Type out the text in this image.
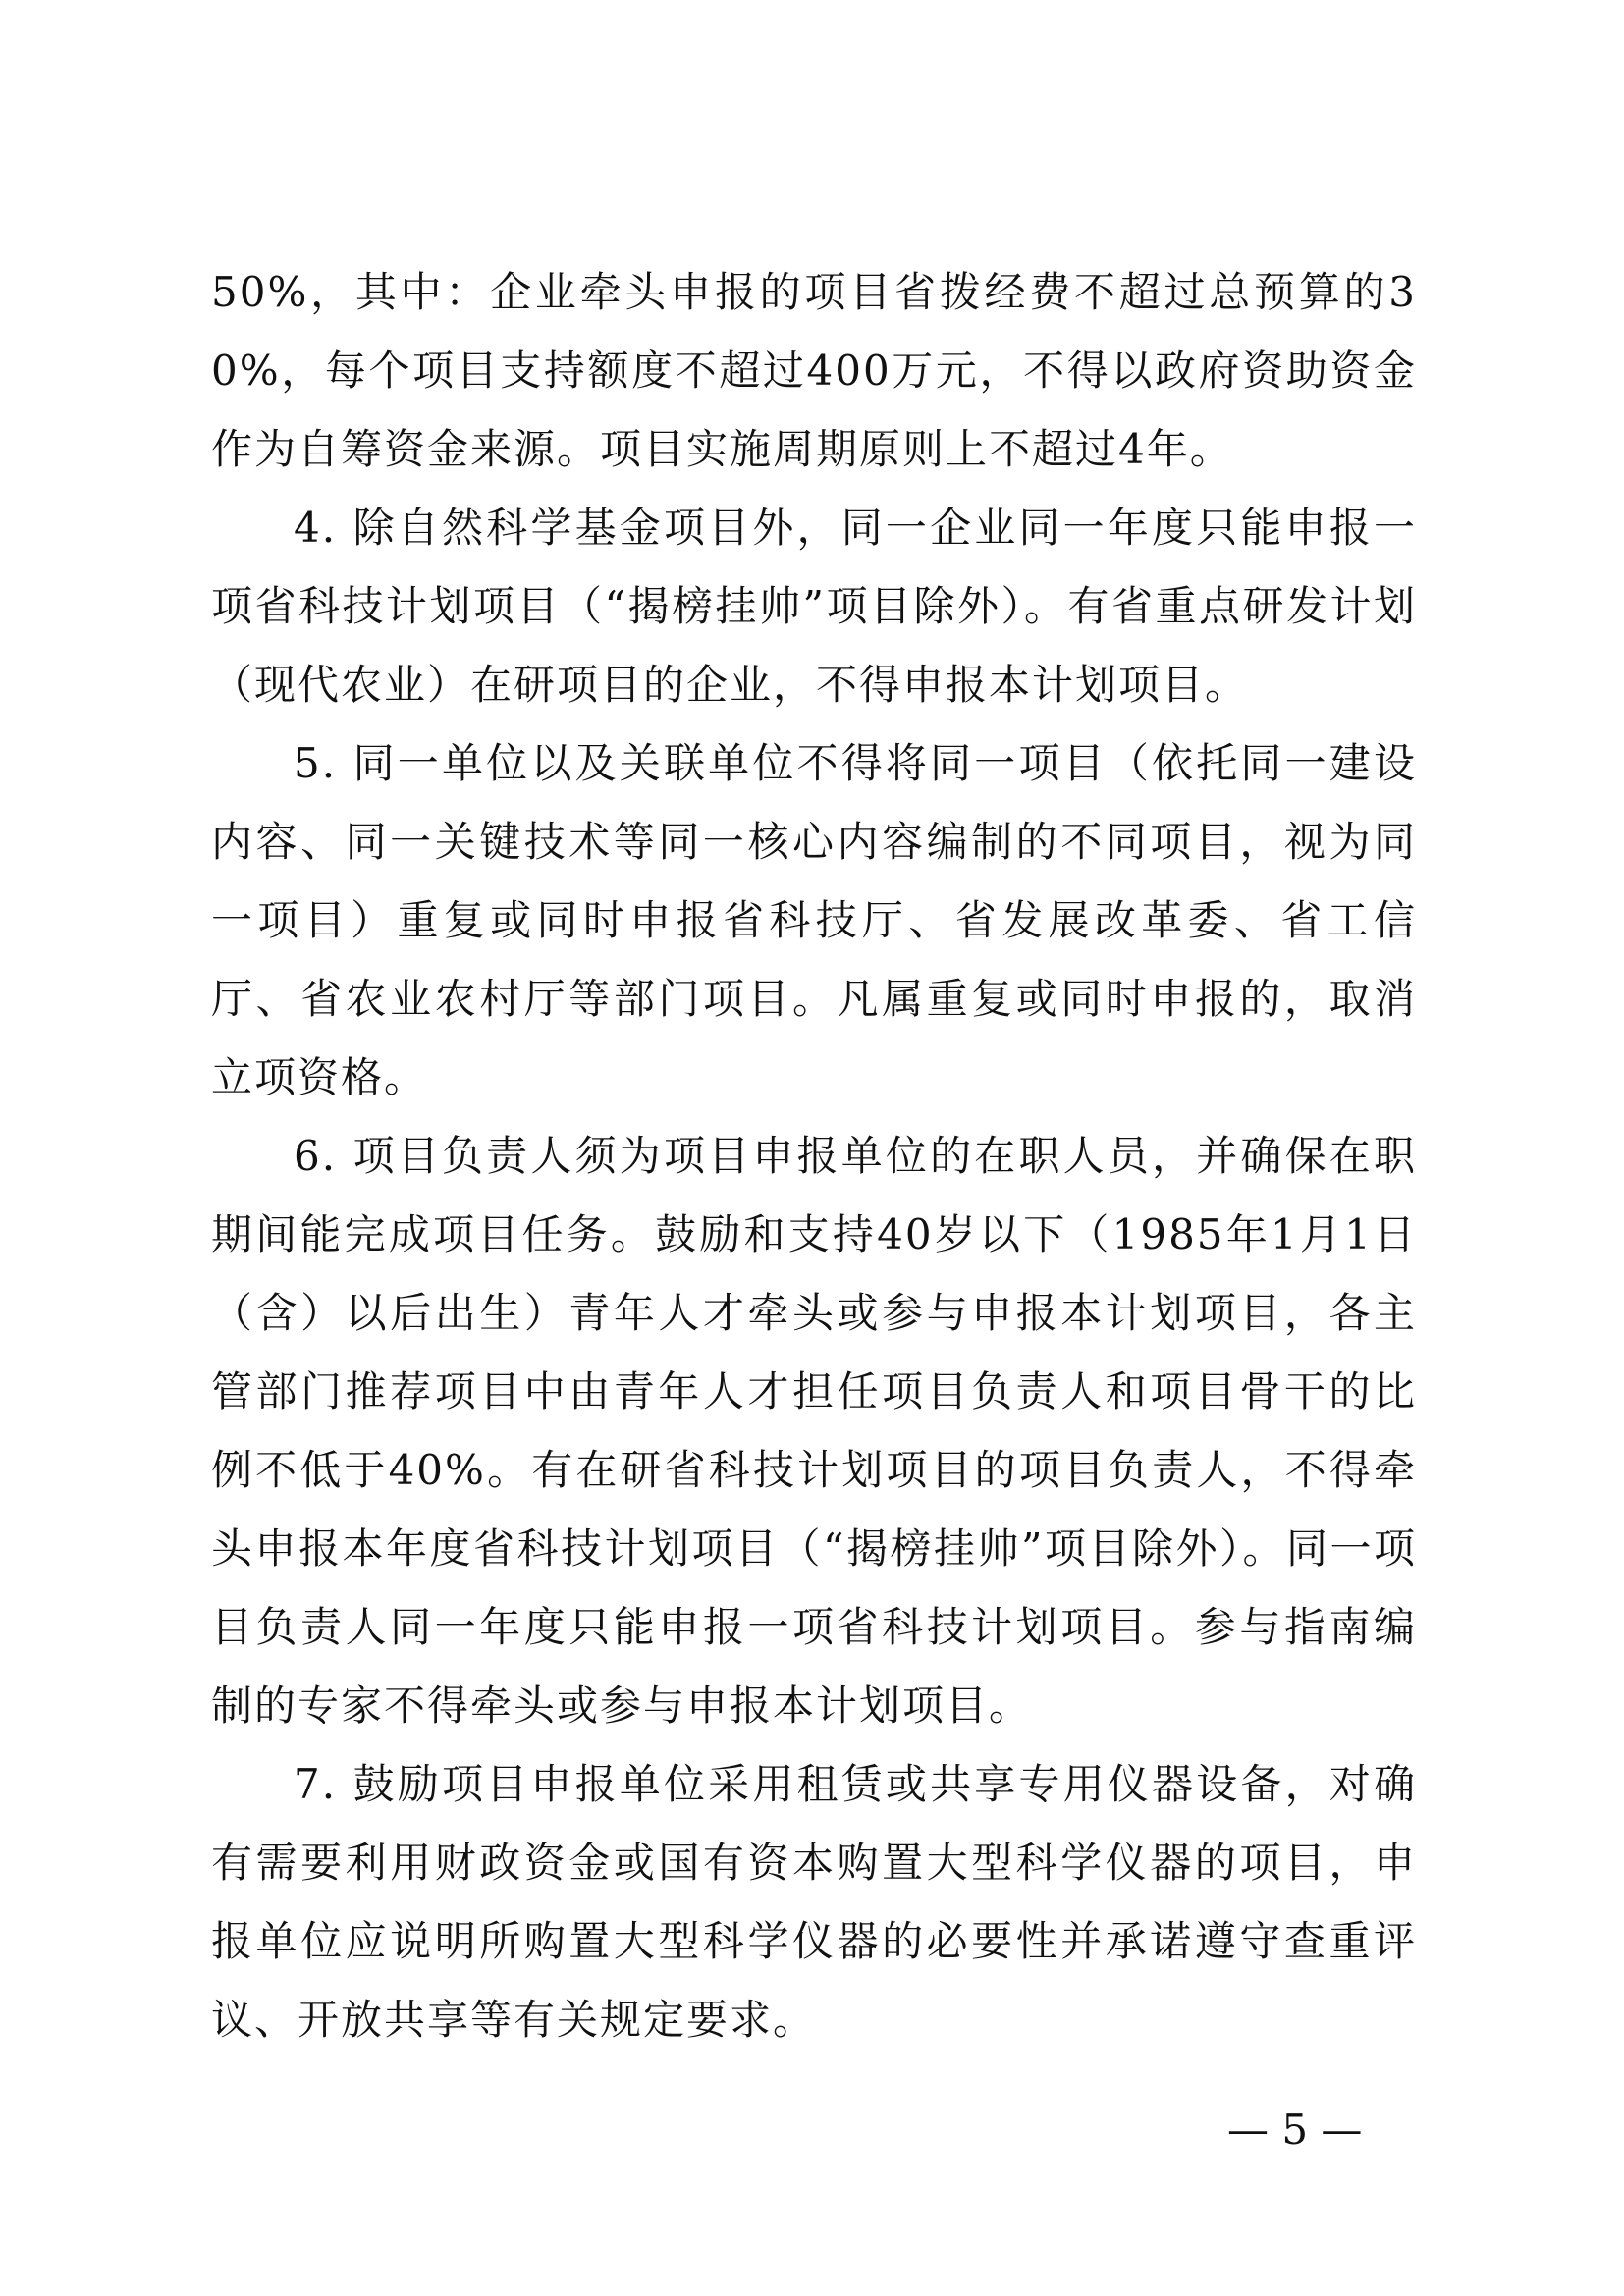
50%，其中：企业牵头申报的项目省拨经费不超过总预算的30%，每个项目支持额度不超过400万元，不得以政府资助资金作为自筹资金来源。项目实施周期原则上不超过4年。

4. 除自然科学基金项目外，同一企业同一年度只能申报一项省科技计划项目（“揭榜挂帅”项目除外）。有省重点研发计划（现代农业）在研项目的企业，不得申报本计划项目。

5. 同一单位以及关联单位不得将同一项目（依托同一建设内容、同一关键技术等同一核心内容编制的不同项目，视为同一项目）重复或同时申报省科技厅、省发展改革委、省工信厅、省农业农村厅等部门项目。凡属重复或同时申报的，取消立项资格。

6. 项目负责人须为项目申报单位的在职人员，并确保在职期间能完成项目任务。鼓励和支持40岁以下（1985年1月1日（含）以后出生）青年人才牵头或参与申报本计划项目，各主管部门推荐项目中由青年人才担任项目负责人和项目骨干的比例不低于40%。有在研省科技计划项目的项目负责人，不得牵头申报本年度省科技计划项目（“揭榜挂帅”项目除外）。同一项目负责人同一年度只能申报一项省科技计划项目。参与指南编制的专家不得牵头或参与申报本计划项目。

7. 鼓励项目申报单位采用租赁或共享专用仪器设备，对确有需要利用财政资金或国有资本购置大型科学仪器的项目，申报单位应说明所购置大型科学仪器的必要性并承诺遵守查重评议、开放共享等有关规定要求。

— 5 —
